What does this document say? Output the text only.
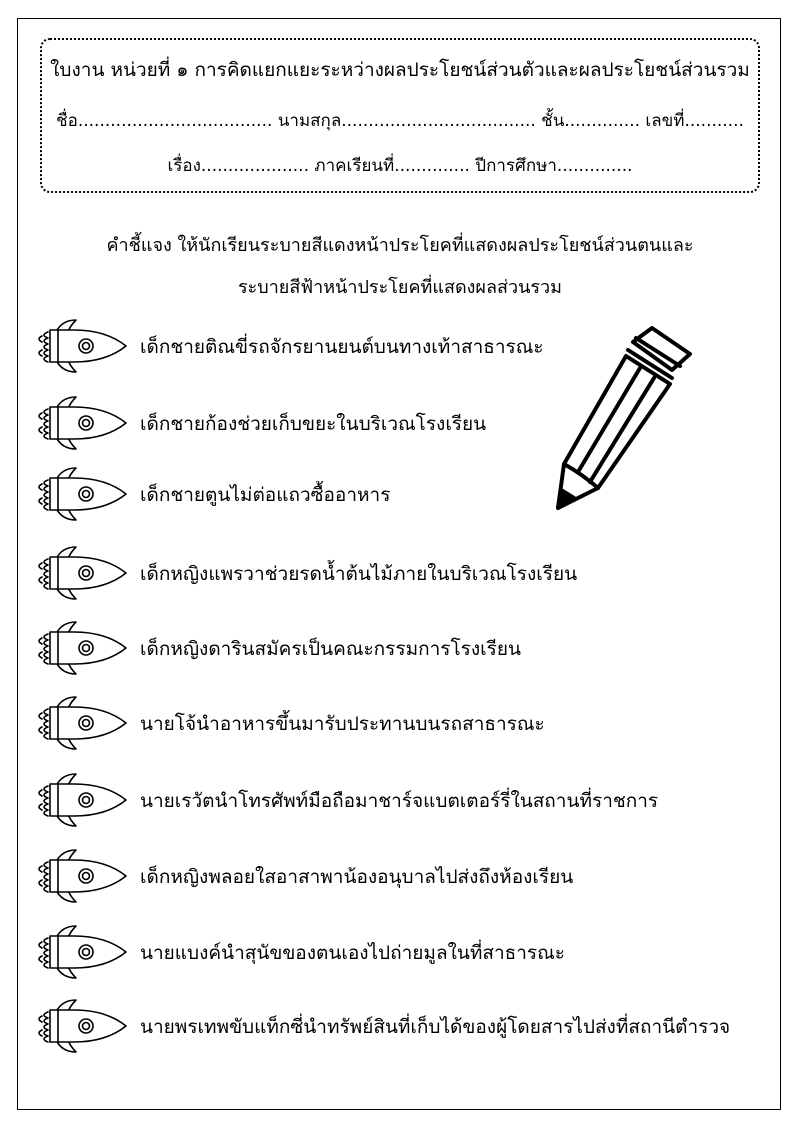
ใบงาน หน่วยที่ ๑ การคิดแยกแยะระหว่างผลประโยชน์ส่วนตัวและผลประโยชน์ส่วนรวม
ชื่อ.................................... นามสกุล.................................... ชั้น.............. เลขที่...........
เรื่อง.................... ภาคเรียนที่.............. ปีการศึกษา..............
คำชี้แจง ให้นักเรียนระบายสีแดงหน้าประโยคที่แสดงผลประโยชน์ส่วนตนและ
ระบายสีฟ้าหน้าประโยคที่แสดงผลส่วนรวม
เด็กชายติณขี่รถจักรยานยนต์บนทางเท้าสาธารณะ
เด็กชายก้องช่วยเก็บขยะในบริเวณโรงเรียน
เด็กชายตูนไม่ต่อแถวซื้ออาหาร
เด็กหญิงแพรวาช่วยรดน้ำต้นไม้ภายในบริเวณโรงเรียน
เด็กหญิงดารินสมัครเป็นคณะกรรมการโรงเรียน
นายโจ้นำอาหารขึ้นมารับประทานบนรถสาธารณะ
นายเรวัตนำโทรศัพท์มือถือมาชาร์จแบตเตอร์รี่ในสถานที่ราชการ
เด็กหญิงพลอยใสอาสาพาน้องอนุบาลไปส่งถึงห้องเรียน
นายแบงค์นำสุนัขของตนเองไปถ่ายมูลในที่สาธารณะ
นายพรเทพขับแท็กซี่นำทรัพย์สินที่เก็บได้ของผู้โดยสารไปส่งที่สถานีตำรวจ
